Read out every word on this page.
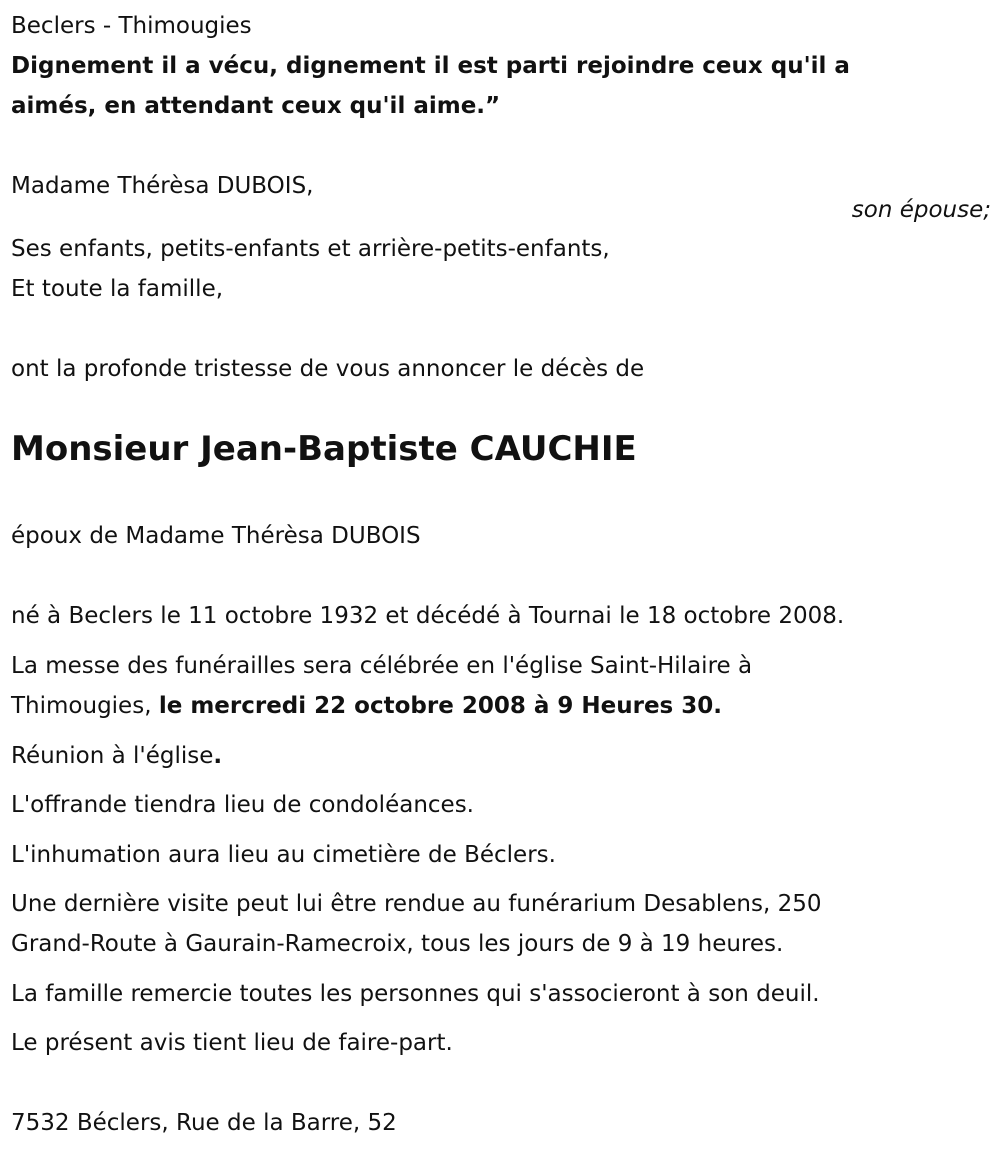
Beclers - Thimougies
Dignement il a vécu, dignement il est parti rejoindre ceux qu'il a
aimés, en attendant ceux qu'il aime.”
Madame Thérèsa DUBOIS,
son épouse;
Ses enfants, petits-enfants et arrière-petits-enfants,
Et toute la famille,
ont la profonde tristesse de vous annoncer le décès de
Monsieur Jean-Baptiste CAUCHIE
époux de Madame Thérèsa DUBOIS
né à Beclers le 11 octobre 1932 et décédé à Tournai le 18 octobre 2008.
La messe des funérailles sera célébrée en l'église Saint-Hilaire à
Thimougies, le mercredi 22 octobre 2008 à 9 Heures 30.
Réunion à l'église.
L'offrande tiendra lieu de condoléances.
L'inhumation aura lieu au cimetière de Béclers.
Une dernière visite peut lui être rendue au funérarium Desablens, 250
Grand-Route à Gaurain-Ramecroix, tous les jours de 9 à 19 heures.
La famille remercie toutes les personnes qui s'associeront à son deuil.
Le présent avis tient lieu de faire-part.
7532 Béclers, Rue de la Barre, 52
